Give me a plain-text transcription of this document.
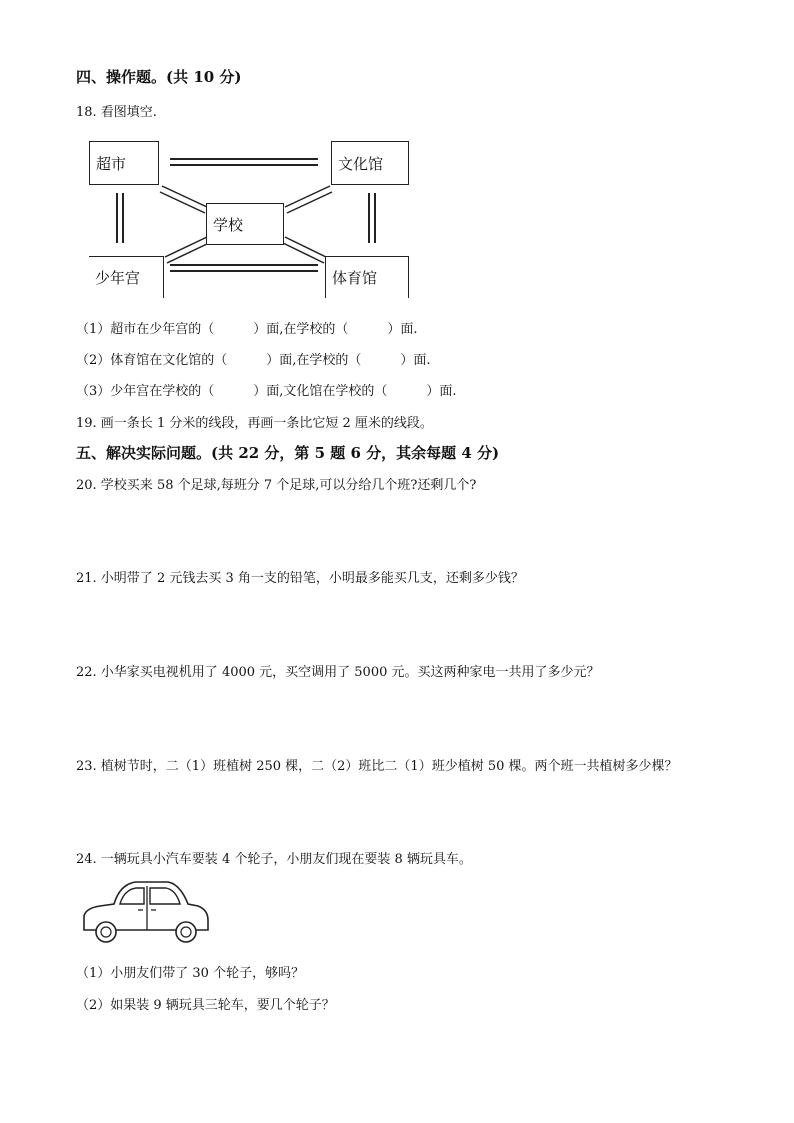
四、操作题。(共 10 分)
18. 看图填空.
超市	文化馆
学校
少年宫	体育馆
（1）超市在少年宫的（　　　）面,在学校的（　　　）面.
（2）体育馆在文化馆的（　　　）面,在学校的（　　　）面.
（3）少年宫在学校的（　　　）面,文化馆在学校的（　　　）面.
19. 画一条长 1 分米的线段，再画一条比它短 2 厘米的线段。
五、解决实际问题。(共 22 分，第 5 题 6 分，其余每题 4 分)
20. 学校买来 58 个足球,每班分 7 个足球,可以分给几个班?还剩几个?
21. 小明带了 2 元钱去买 3 角一支的铅笔，小明最多能买几支，还剩多少钱？
22. 小华家买电视机用了 4000 元，买空调用了 5000 元。买这两种家电一共用了多少元？
23. 植树节时，二（1）班植树 250 棵，二（2）班比二（1）班少植树 50 棵。两个班一共植树多少棵？
24. 一辆玩具小汽车要装 4 个轮子，小朋友们现在要装 8 辆玩具车。
（1）小朋友们带了 30 个轮子，够吗？
（2）如果装 9 辆玩具三轮车，要几个轮子？
